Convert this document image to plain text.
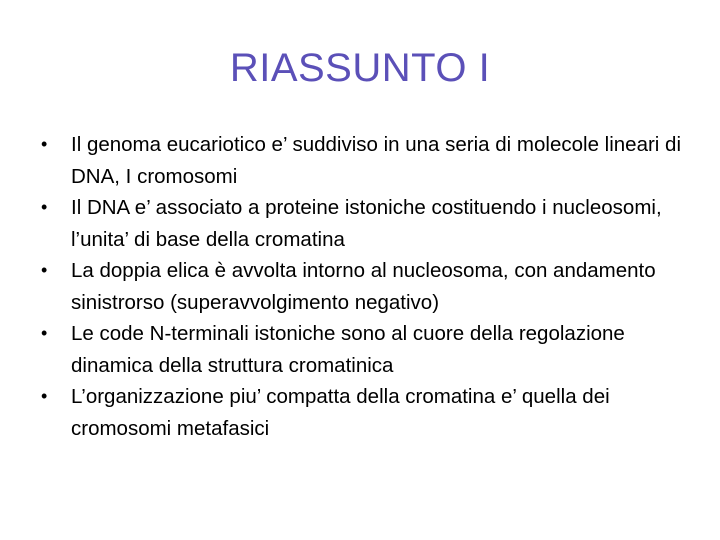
RIASSUNTO I
•	Il genoma eucariotico e’ suddiviso in una seria di molecole lineari di DNA, I cromosomi
•	Il DNA e’ associato a proteine istoniche costituendo i nucleosomi, l’unita’ di base della cromatina
•	La doppia elica è avvolta intorno al nucleosoma, con andamento sinistrorso (superavvolgimento negativo)
•	Le code N-terminali istoniche sono al cuore della regolazione dinamica della struttura cromatinica
•	L’organizzazione piu’ compatta della cromatina e’ quella dei cromosomi metafasici
